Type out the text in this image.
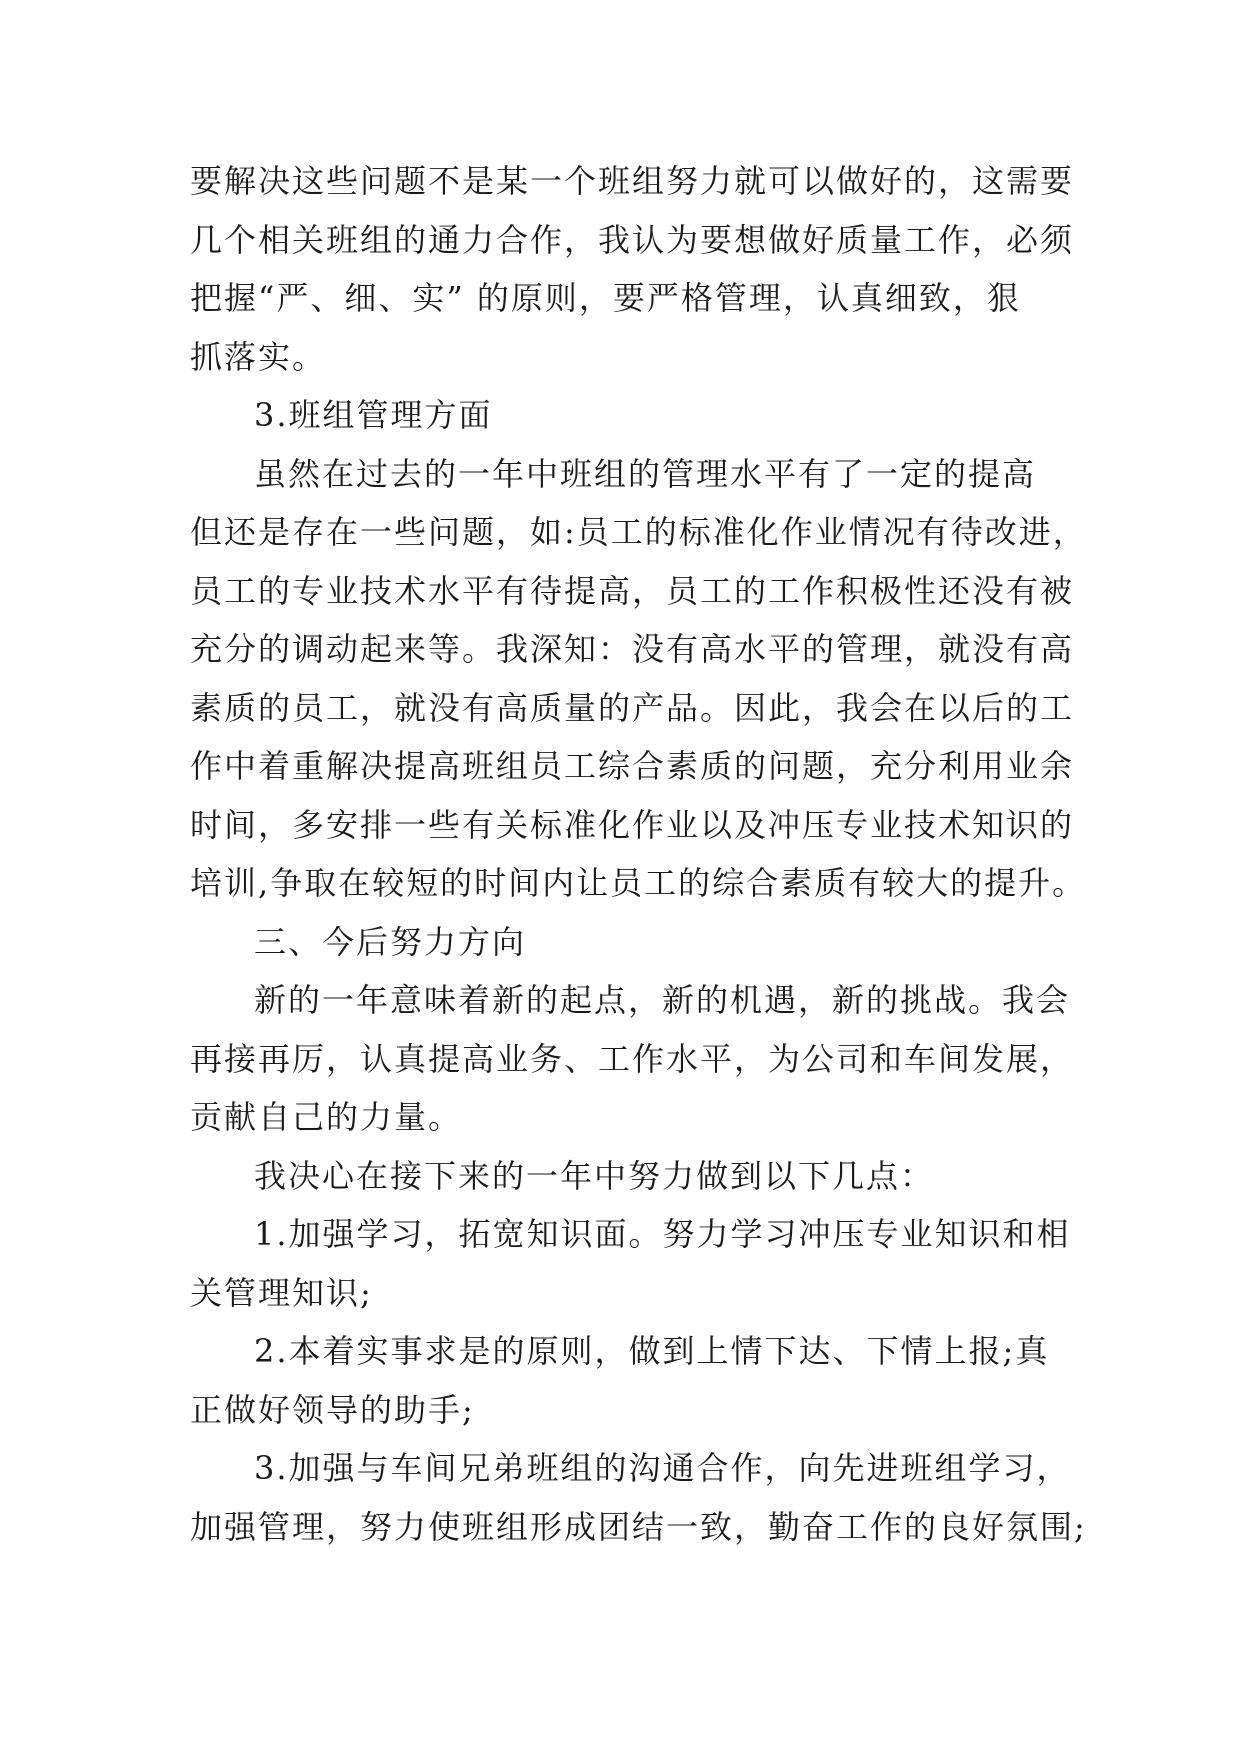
要解决这些问题不是某一个班组努力就可以做好的，这需要
几个相关班组的通力合作，我认为要想做好质量工作，必须
把握“严、细、实” 的原则，要严格管理，认真细致，狠
抓落实。

3.班组管理方面

虽然在过去的一年中班组的管理水平有了一定的提高
但还是存在一些问题，如:员工的标准化作业情况有待改进，
员工的专业技术水平有待提高，员工的工作积极性还没有被
充分的调动起来等。我深知：没有高水平的管理，就没有高
素质的员工，就没有高质量的产品。因此，我会在以后的工
作中着重解决提高班组员工综合素质的问题，充分利用业余
时间，多安排一些有关标准化作业以及冲压专业技术知识的
培训,争取在较短的时间内让员工的综合素质有较大的提升。

三、今后努力方向

新的一年意味着新的起点，新的机遇，新的挑战。我会
再接再厉，认真提高业务、工作水平，为公司和车间发展，
贡献自己的力量。

我决心在接下来的一年中努力做到以下几点：

1.加强学习，拓宽知识面。努力学习冲压专业知识和相
关管理知识;

2.本着实事求是的原则，做到上情下达、下情上报;真
正做好领导的助手;

3.加强与车间兄弟班组的沟通合作，向先进班组学习，
加强管理，努力使班组形成团结一致，勤奋工作的良好氛围;
